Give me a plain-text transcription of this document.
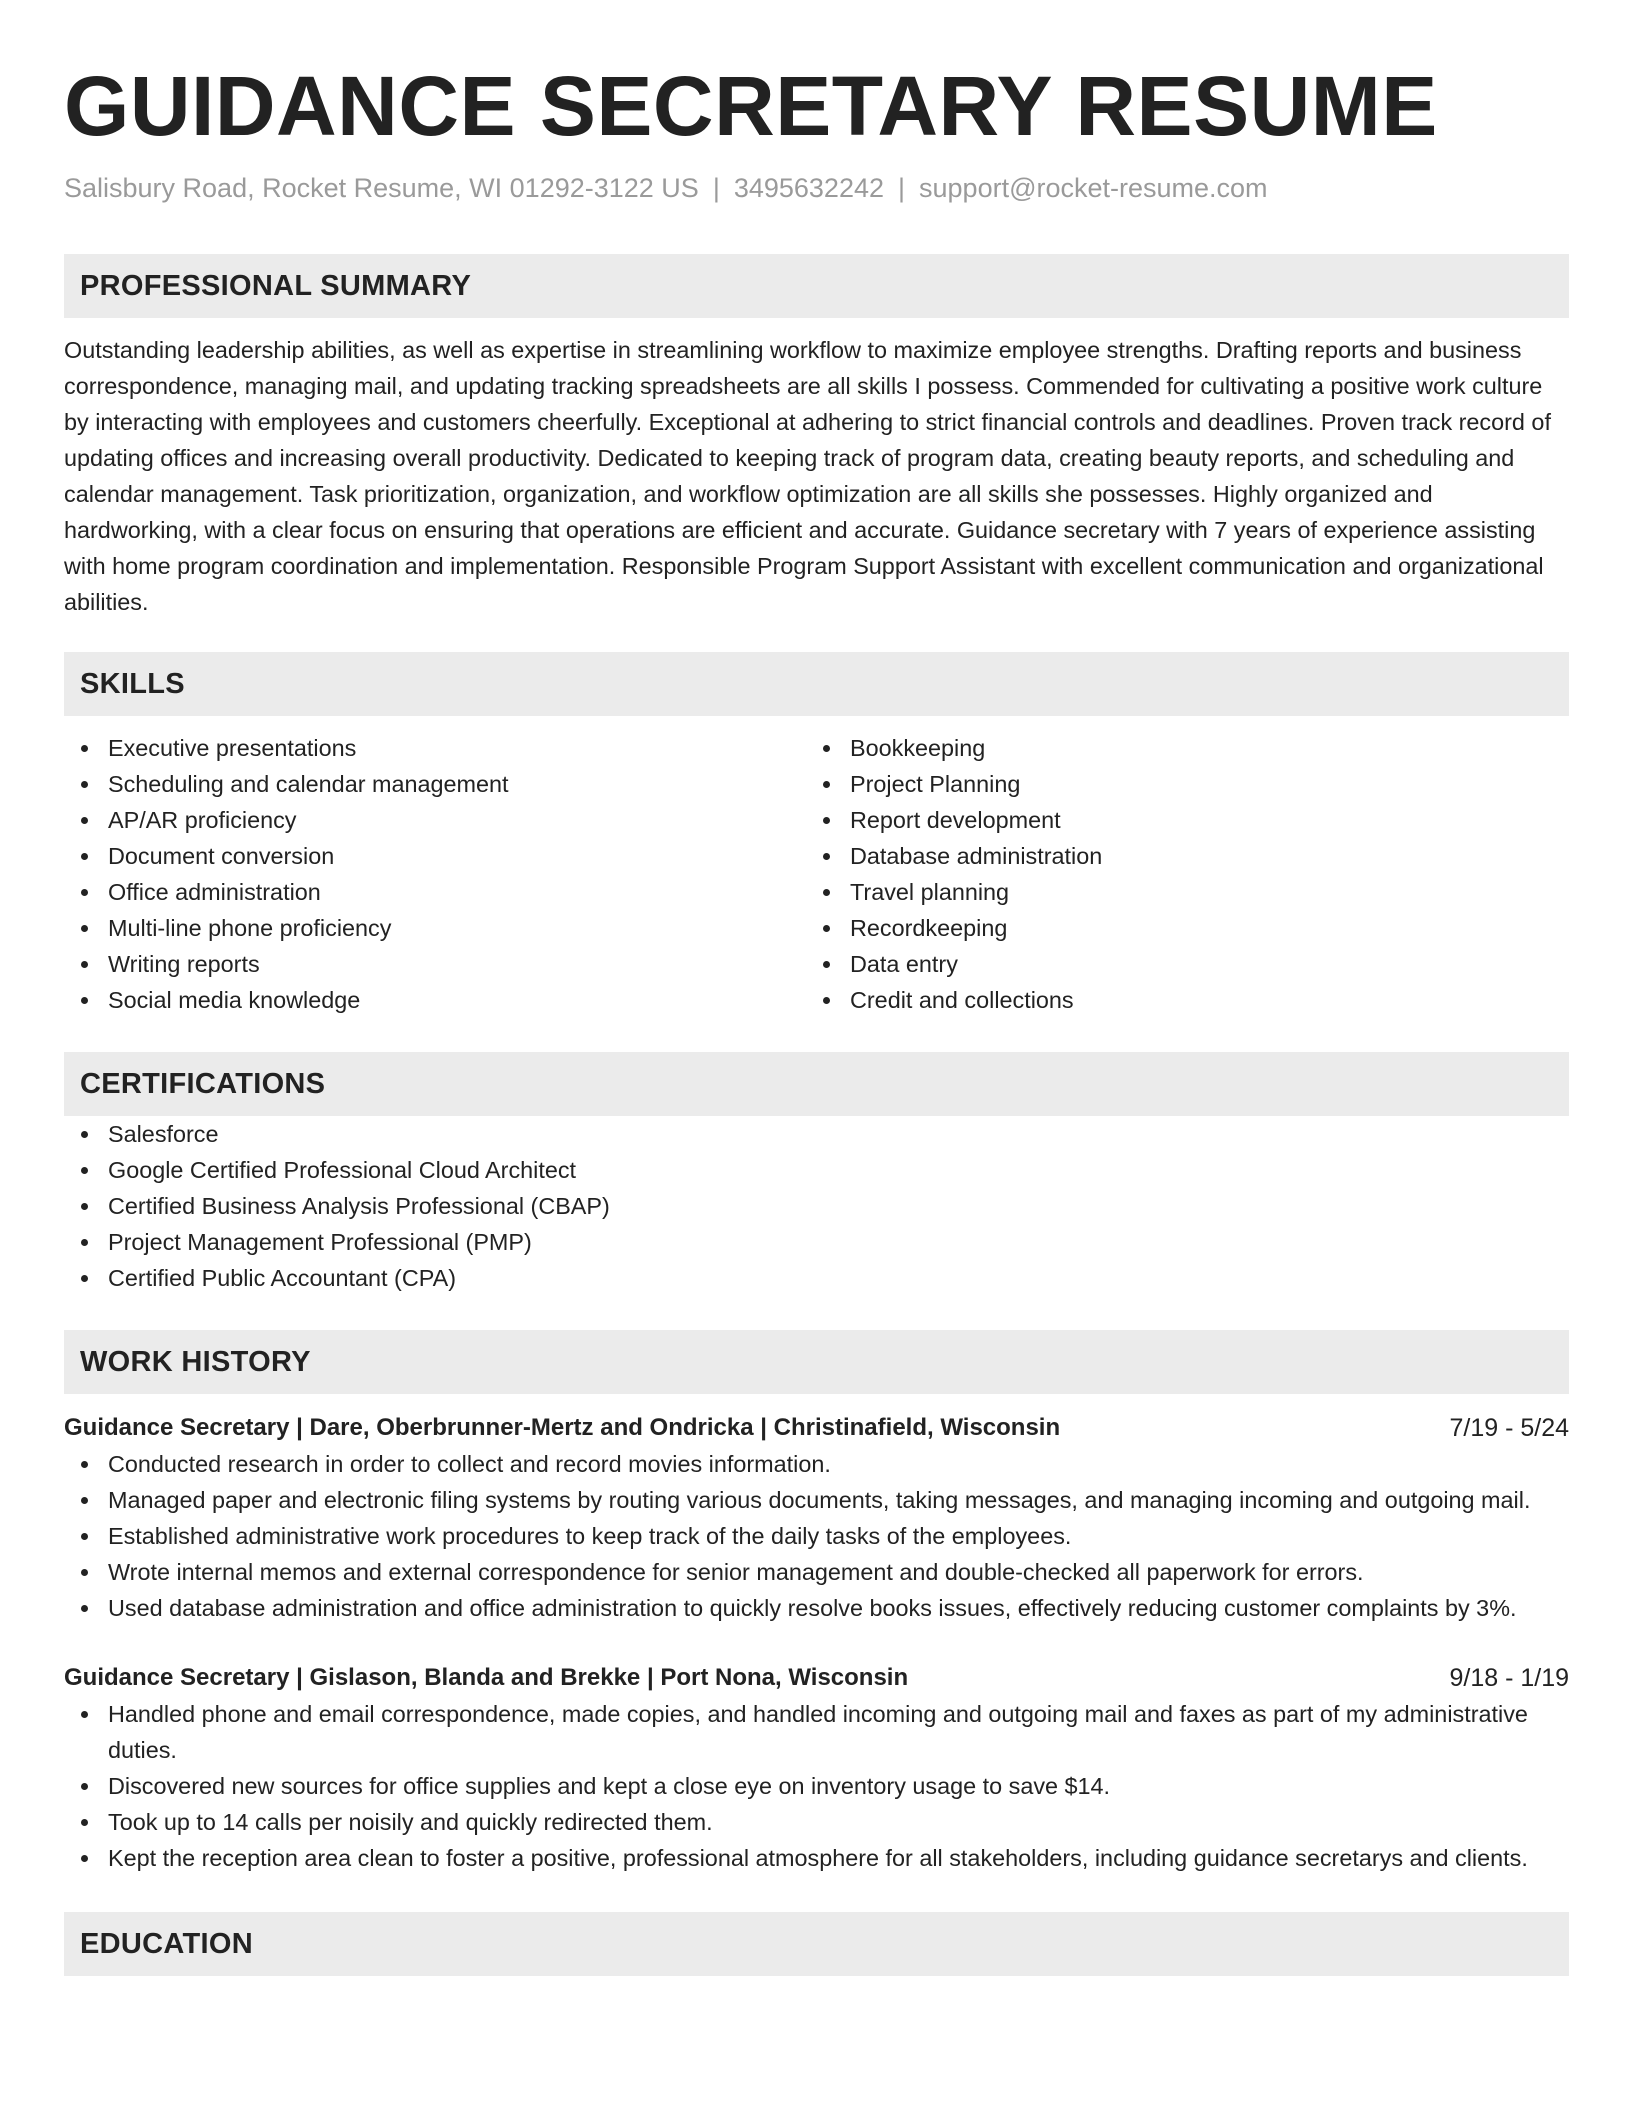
GUIDANCE SECRETARY RESUME
Salisbury Road, Rocket Resume, WI 01292-3122 US | 3495632242 | support@rocket-resume.com
PROFESSIONAL SUMMARY

Outstanding leadership abilities, as well as expertise in streamlining workflow to maximize employee strengths. Drafting reports and business correspondence, managing mail, and updating tracking spreadsheets are all skills I possess. Commended for cultivating a positive work culture by interacting with employees and customers cheerfully. Exceptional at adhering to strict financial controls and deadlines. Proven track record of updating offices and increasing overall productivity. Dedicated to keeping track of program data, creating beauty reports, and scheduling and calendar management. Task prioritization, organization, and workflow optimization are all skills she possesses. Highly organized and hardworking, with a clear focus on ensuring that operations are efficient and accurate. Guidance secretary with 7 years of experience assisting with home program coordination and implementation. Responsible Program Support Assistant with excellent communication and organizational abilities.

SKILLS
Executive presentations
Scheduling and calendar management
AP/AR proficiency
Document conversion
Office administration
Multi-line phone proficiency
Writing reports
Social media knowledge
Bookkeeping
Project Planning
Report development
Database administration
Travel planning
Recordkeeping
Data entry
Credit and collections
CERTIFICATIONS
Salesforce
Google Certified Professional Cloud Architect
Certified Business Analysis Professional (CBAP)
Project Management Professional (PMP)
Certified Public Accountant (CPA)
WORK HISTORY
Guidance Secretary | Dare, Oberbrunner-Mertz and Ondricka | Christinafield, Wisconsin	7/19 - 5/24
Conducted research in order to collect and record movies information.
Managed paper and electronic filing systems by routing various documents, taking messages, and managing incoming and outgoing mail.
Established administrative work procedures to keep track of the daily tasks of the employees.
Wrote internal memos and external correspondence for senior management and double-checked all paperwork for errors.
Used database administration and office administration to quickly resolve books issues, effectively reducing customer complaints by 3%.
Guidance Secretary | Gislason, Blanda and Brekke | Port Nona, Wisconsin	9/18 - 1/19
Handled phone and email correspondence, made copies, and handled incoming and outgoing mail and faxes as part of my administrative duties.
Discovered new sources for office supplies and kept a close eye on inventory usage to save $14.
Took up to 14 calls per noisily and quickly redirected them.
Kept the reception area clean to foster a positive, professional atmosphere for all stakeholders, including guidance secretarys and clients.
EDUCATION
